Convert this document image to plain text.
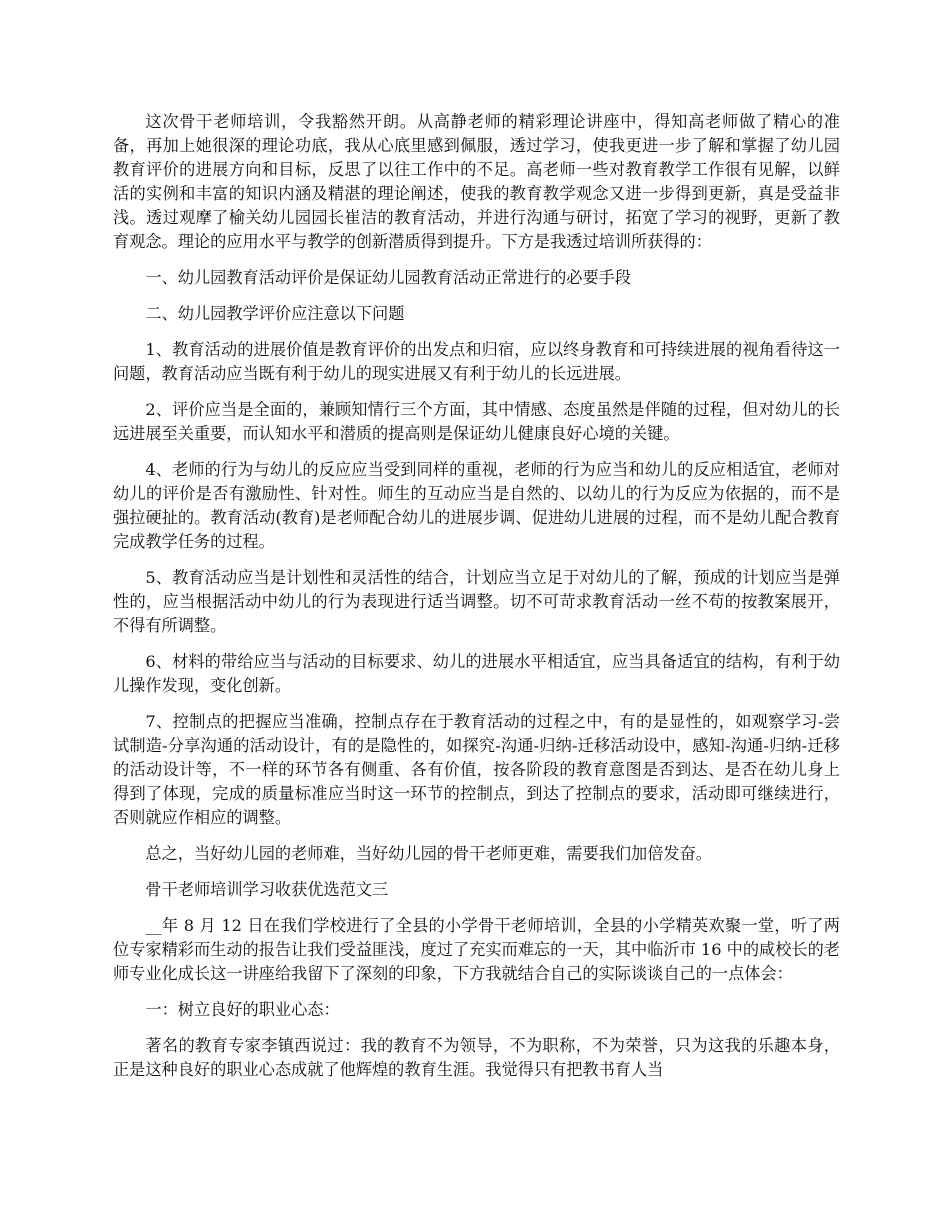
这次骨干老师培训，令我豁然开朗。从高静老师的精彩理论讲座中，得知高老师做了精心的准备，再加上她很深的理论功底，我从心底里感到佩服，透过学习，使我更进一步了解和掌握了幼儿园教育评价的进展方向和目标，反思了以往工作中的不足。高老师一些对教育教学工作很有见解，以鲜活的实例和丰富的知识内涵及精湛的理论阐述，使我的教育教学观念又进一步得到更新，真是受益非浅。透过观摩了榆关幼儿园园长崔洁的教育活动，并进行沟通与研讨，拓宽了学习的视野，更新了教育观念。理论的应用水平与教学的创新潜质得到提升。下方是我透过培训所获得的：

一、幼儿园教育活动评价是保证幼儿园教育活动正常进行的必要手段

二、幼儿园教学评价应注意以下问题

1、教育活动的进展价值是教育评价的出发点和归宿，应以终身教育和可持续进展的视角看待这一问题，教育活动应当既有利于幼儿的现实进展又有利于幼儿的长远进展。

2、评价应当是全面的，兼顾知情行三个方面，其中情感、态度虽然是伴随的过程，但对幼儿的长远进展至关重要，而认知水平和潜质的提高则是保证幼儿健康良好心境的关键。

4、老师的行为与幼儿的反应应当受到同样的重视，老师的行为应当和幼儿的反应相适宜，老师对幼儿的评价是否有激励性、针对性。师生的互动应当是自然的、以幼儿的行为反应为依据的，而不是强拉硬扯的。教育活动(教育)是老师配合幼儿的进展步调、促进幼儿进展的过程，而不是幼儿配合教育完成教学任务的过程。

5、教育活动应当是计划性和灵活性的结合，计划应当立足于对幼儿的了解，预成的计划应当是弹性的，应当根据活动中幼儿的行为表现进行适当调整。切不可苛求教育活动一丝不苟的按教案展开，不得有所调整。

6、材料的带给应当与活动的目标要求、幼儿的进展水平相适宜，应当具备适宜的结构，有利于幼儿操作发现，变化创新。

7、控制点的把握应当准确，控制点存在于教育活动的过程之中，有的是显性的，如观察学习-尝试制造-分享沟通的活动设计，有的是隐性的，如探究-沟通-归纳-迁移活动设中，感知-沟通-归纳-迁移的活动设计等，不一样的环节各有侧重、各有价值，按各阶段的教育意图是否到达、是否在幼儿身上得到了体现，完成的质量标准应当时这一环节的控制点，到达了控制点的要求，活动即可继续进行，否则就应作相应的调整。

总之，当好幼儿园的老师难，当好幼儿园的骨干老师更难，需要我们加倍发奋。

骨干老师培训学习收获优选范文三

__年 8 月 12 日在我们学校进行了全县的小学骨干老师培训，全县的小学精英欢聚一堂，听了两位专家精彩而生动的报告让我们受益匪浅，度过了充实而难忘的一天，其中临沂市 16 中的咸校长的老师专业化成长这一讲座给我留下了深刻的印象，下方我就结合自己的实际谈谈自己的一点体会：

一：树立良好的职业心态：

著名的教育专家李镇西说过：我的教育不为领导，不为职称，不为荣誉，只为这我的乐趣本身，正是这种良好的职业心态成就了他辉煌的教育生涯。我觉得只有把教书育人当
